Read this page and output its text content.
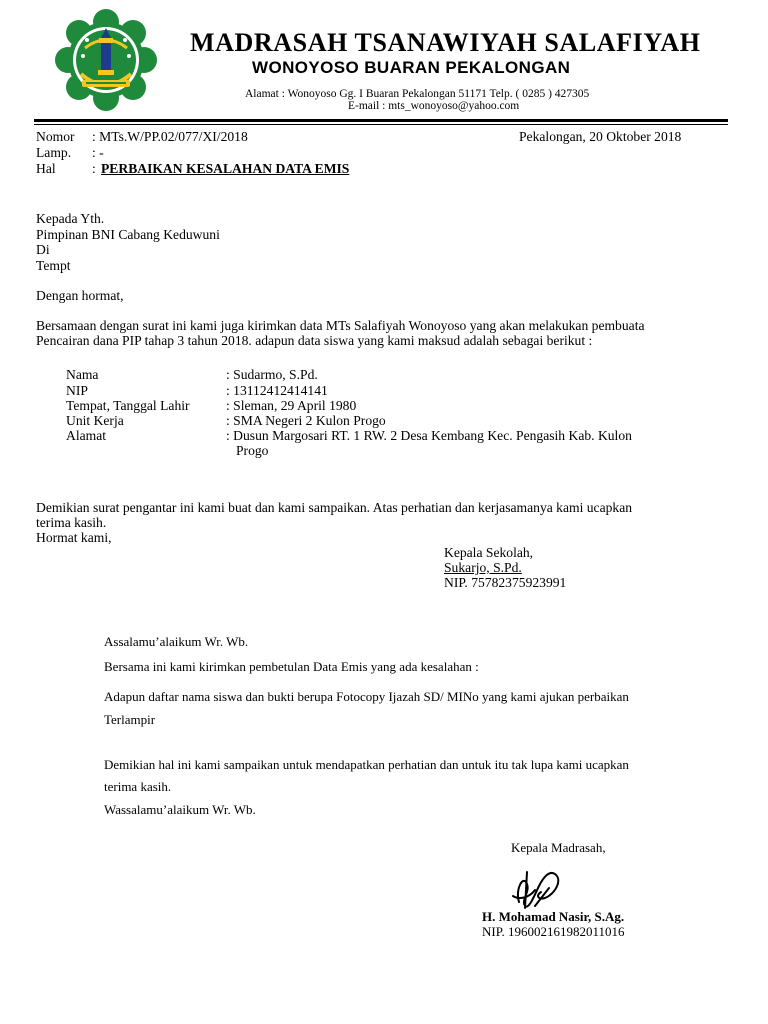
MADRASAH TSANAWIYAH SALAFIYAH
WONOYOSO BUARAN PEKALONGAN
Alamat : Wonoyoso Gg. I Buaran Pekalongan 51171 Telp. ( 0285 ) 427305
E-mail : mts_wonoyoso@yahoo.com
Nomor : MTs.W/PP.02/077/XI/2018	Pekalongan, 20 Oktober 2018
Lamp. : -
Hal	: PERBAIKAN KESALAHAN DATA EMIS
Kepada Yth.
Pimpinan BNI Cabang Keduwuni
Di
Tempt
Dengan hormat,
Bersamaan dengan surat ini kami juga kirimkan data MTs Salafiyah Wonoyoso yang akan melakukan pembuata
Pencairan dana PIP tahap 3 tahun 2018. adapun data siswa yang kami maksud adalah sebagai berikut :
Nama	: Sudarmo, S.Pd.
NIP	: 13112412414141
Tempat, Tanggal Lahir	: Sleman, 29 April 1980
Unit Kerja	: SMA Negeri 2 Kulon Progo
Alamat	: Dusun Margosari RT. 1 RW. 2 Desa Kembang Kec. Pengasih Kab. Kulon
Progo
Demikian surat pengantar ini kami buat dan kami sampaikan. Atas perhatian dan kerjasamanya kami ucapkan
terima kasih.
Hormat kami,
Kepala Sekolah,
Sukarjo, S.Pd.
NIP. 75782375923991
Assalamu’alaikum Wr. Wb.
Bersama ini kami kirimkan pembetulan Data Emis yang ada kesalahan :
Adapun daftar nama siswa dan bukti berupa Fotocopy Ijazah SD/ MINo yang kami ajukan perbaikan
Terlampir
Demikian hal ini kami sampaikan untuk mendapatkan perhatian dan untuk itu tak lupa kami ucapkan
terima kasih.
Wassalamu’alaikum Wr. Wb.
Kepala Madrasah,
H. Mohamad Nasir, S.Ag.
NIP. 196002161982011016
